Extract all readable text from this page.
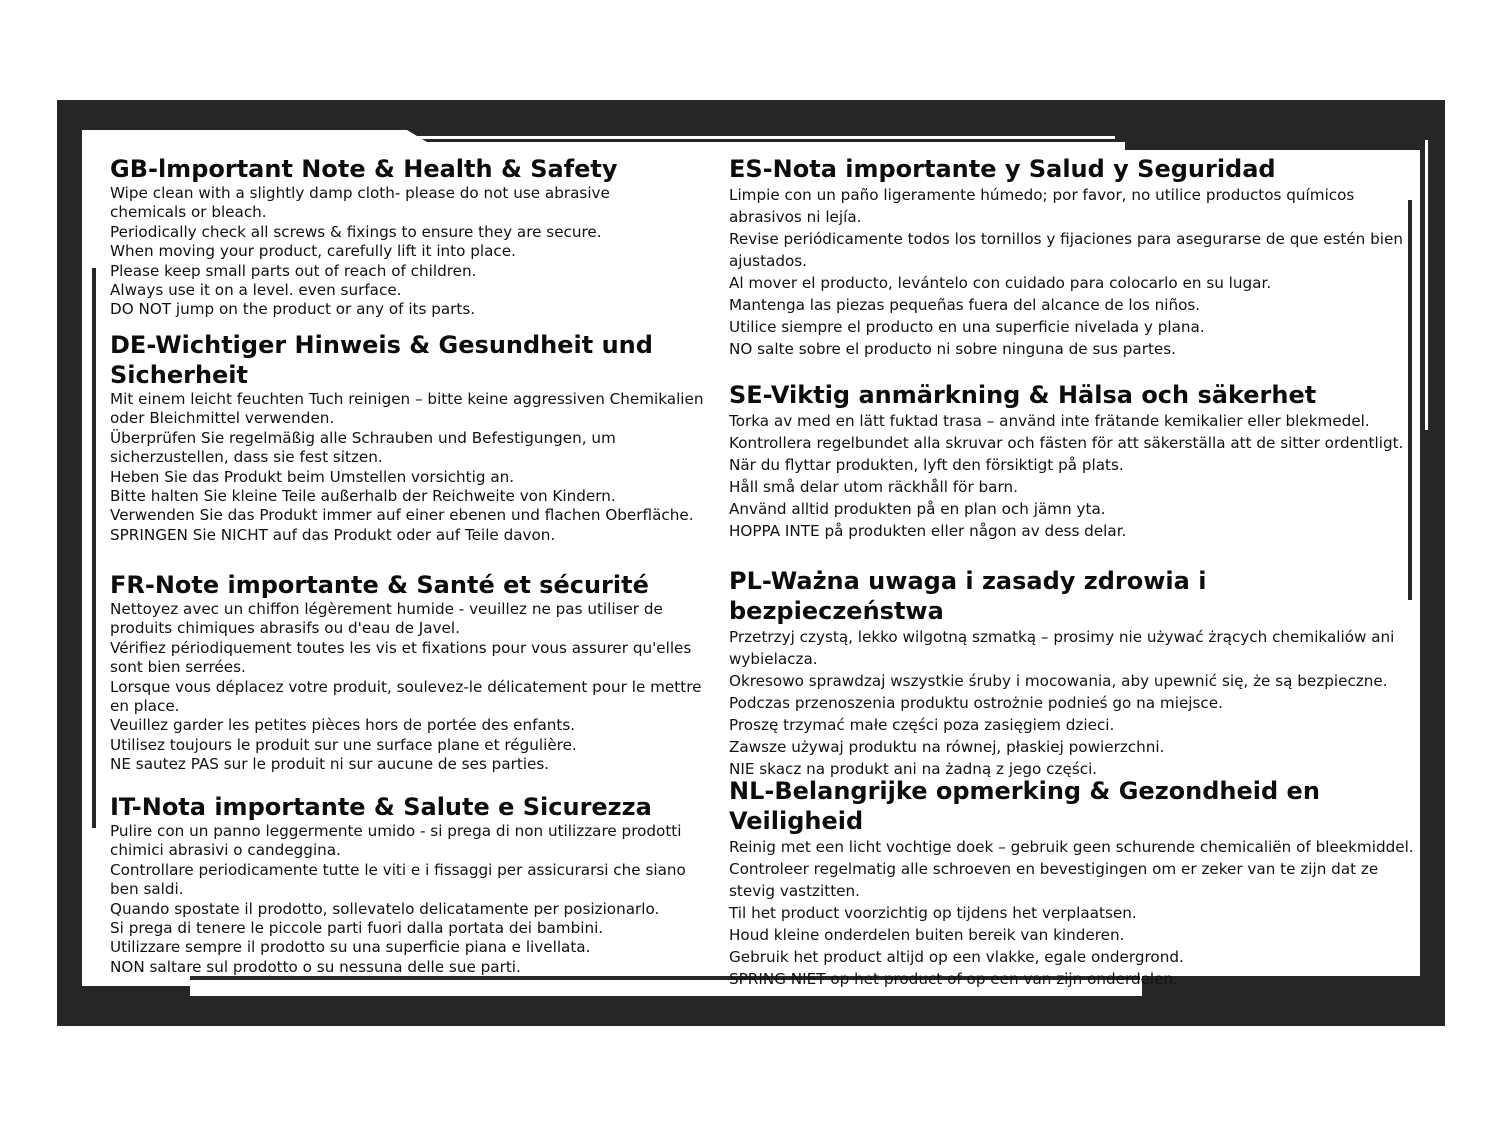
GB-lmportant Note & Health & Safety

Wipe clean with a slightly damp cloth- please do not use abrasive

chemicals or bleach.

Periodically check all screws & fixings to ensure they are secure.

When moving your product, carefully lift it into place.

Please keep small parts out of reach of children.

Always use it on a level. even surface.

DO NOT jump on the product or any of its parts.

DE-Wichtiger Hinweis & Gesundheit und

Sicherheit

Mit einem leicht feuchten Tuch reinigen – bitte keine aggressiven Chemikalien

oder Bleichmittel verwenden.

Überprüfen Sie regelmäßig alle Schrauben und Befestigungen, um

sicherzustellen, dass sie fest sitzen.

Heben Sie das Produkt beim Umstellen vorsichtig an.

Bitte halten Sie kleine Teile außerhalb der Reichweite von Kindern.

Verwenden Sie das Produkt immer auf einer ebenen und flachen Oberfläche.

SPRINGEN Sie NICHT auf das Produkt oder auf Teile davon.

FR-Note importante & Santé et sécurité

Nettoyez avec un chiffon légèrement humide - veuillez ne pas utiliser de

produits chimiques abrasifs ou d'eau de Javel.

Vérifiez périodiquement toutes les vis et fixations pour vous assurer qu'elles

sont bien serrées.

Lorsque vous déplacez votre produit, soulevez-le délicatement pour le mettre

en place.

Veuillez garder les petites pièces hors de portée des enfants.

Utilisez toujours le produit sur une surface plane et régulière.

NE sautez PAS sur le produit ni sur aucune de ses parties.

IT-Nota importante & Salute e Sicurezza

Pulire con un panno leggermente umido - si prega di non utilizzare prodotti

chimici abrasivi o candeggina.

Controllare periodicamente tutte le viti e i fissaggi per assicurarsi che siano

ben saldi.

Quando spostate il prodotto, sollevatelo delicatamente per posizionarlo.

Si prega di tenere le piccole parti fuori dalla portata dei bambini.

Utilizzare sempre il prodotto su una superficie piana e livellata.

NON saltare sul prodotto o su nessuna delle sue parti.

ES-Nota importante y Salud y Seguridad

Limpie con un paño ligeramente húmedo; por favor, no utilice productos químicos

abrasivos ni lejía.

Revise periódicamente todos los tornillos y fijaciones para asegurarse de que estén bien

ajustados.

Al mover el producto, levántelo con cuidado para colocarlo en su lugar.

Mantenga las piezas pequeñas fuera del alcance de los niños.

Utilice siempre el producto en una superficie nivelada y plana.

NO salte sobre el producto ni sobre ninguna de sus partes.

SE-Viktig anmärkning & Hälsa och säkerhet

Torka av med en lätt fuktad trasa – använd inte frätande kemikalier eller blekmedel.

Kontrollera regelbundet alla skruvar och fästen för att säkerställa att de sitter ordentligt.

När du flyttar produkten, lyft den försiktigt på plats.

Håll små delar utom räckhåll för barn.

Använd alltid produkten på en plan och jämn yta.

HOPPA INTE på produkten eller någon av dess delar.

PL-Ważna uwaga i zasady zdrowia i bezpieczeństwa

Przetrzyj czystą, lekko wilgotną szmatką – prosimy nie używać żrących chemikaliów ani

wybielacza.

Okresowo sprawdzaj wszystkie śruby i mocowania, aby upewnić się, że są bezpieczne.

Podczas przenoszenia produktu ostrożnie podnieś go na miejsce.

Proszę trzymać małe części poza zasięgiem dzieci.

Zawsze używaj produktu na równej, płaskiej powierzchni.

NIE skacz na produkt ani na żadną z jego części.

NL-Belangrijke opmerking & Gezondheid en Veiligheid

Reinig met een licht vochtige doek – gebruik geen schurende chemicaliën of bleekmiddel.

Controleer regelmatig alle schroeven en bevestigingen om er zeker van te zijn dat ze

stevig vastzitten.

Til het product voorzichtig op tijdens het verplaatsen.

Houd kleine onderdelen buiten bereik van kinderen.

Gebruik het product altijd op een vlakke, egale ondergrond.

SPRING NIET op het product of op een van zijn onderdelen.
